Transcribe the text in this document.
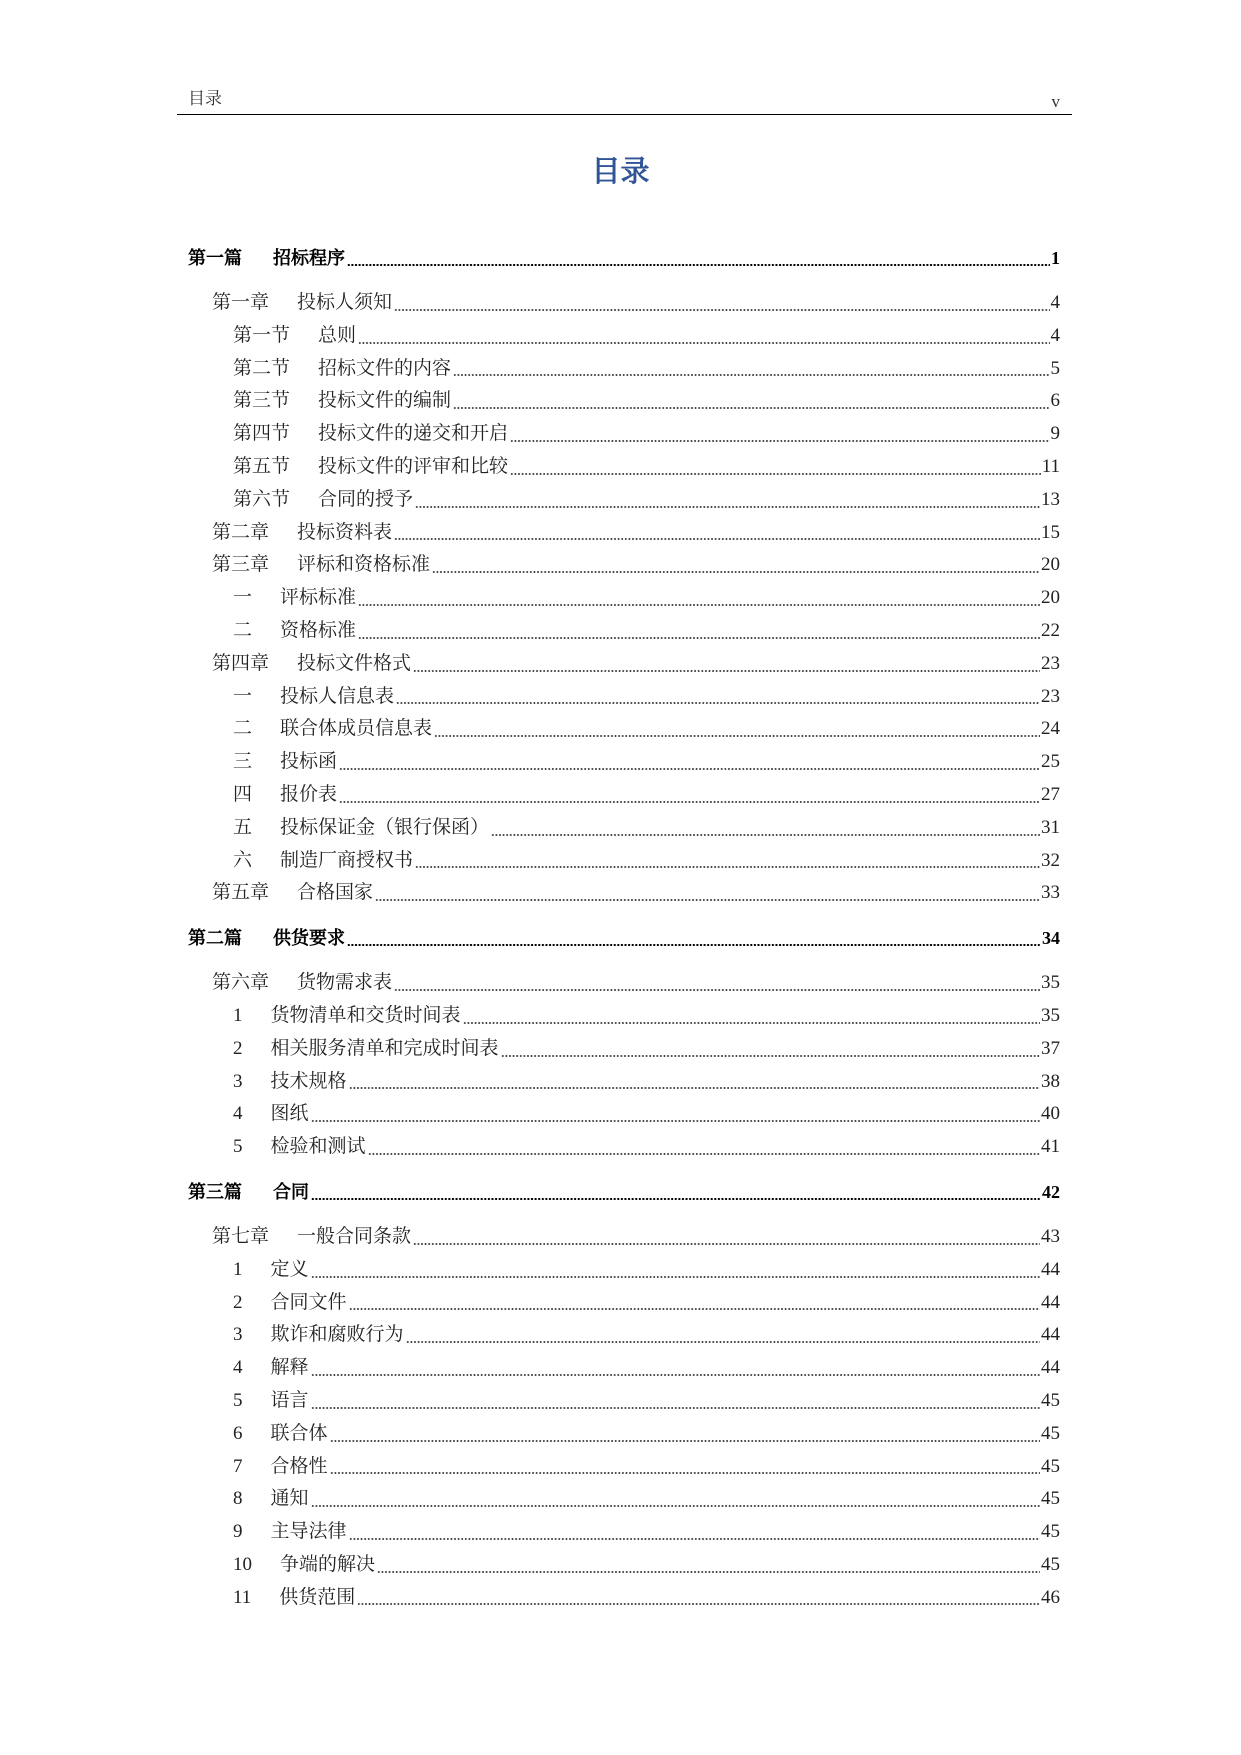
目录	v
目录
第一篇 招标程序	1
第一章 投标人须知	4
第一节 总则	4
第二节 招标文件的内容	5
第三节 投标文件的编制	6
第四节 投标文件的递交和开启	9
第五节 投标文件的评审和比较	11
第六节 合同的授予	13
第二章 投标资料表	15
第三章 评标和资格标准	20
一 评标标准	20
二 资格标准	22
第四章 投标文件格式	23
一 投标人信息表	23
二 联合体成员信息表	24
三 投标函	25
四 报价表	27
五 投标保证金（银行保函）	31
六 制造厂商授权书	32
第五章 合格国家	33
第二篇 供货要求	34
第六章 货物需求表	35
1 货物清单和交货时间表	35
2 相关服务清单和完成时间表	37
3 技术规格	38
4 图纸	40
5 检验和测试	41
第三篇 合同	42
第七章 一般合同条款	43
1 定义	44
2 合同文件	44
3 欺诈和腐败行为	44
4 解释	44
5 语言	45
6 联合体	45
7 合格性	45
8 通知	45
9 主导法律	45
10 争端的解决	45
11 供货范围	46
